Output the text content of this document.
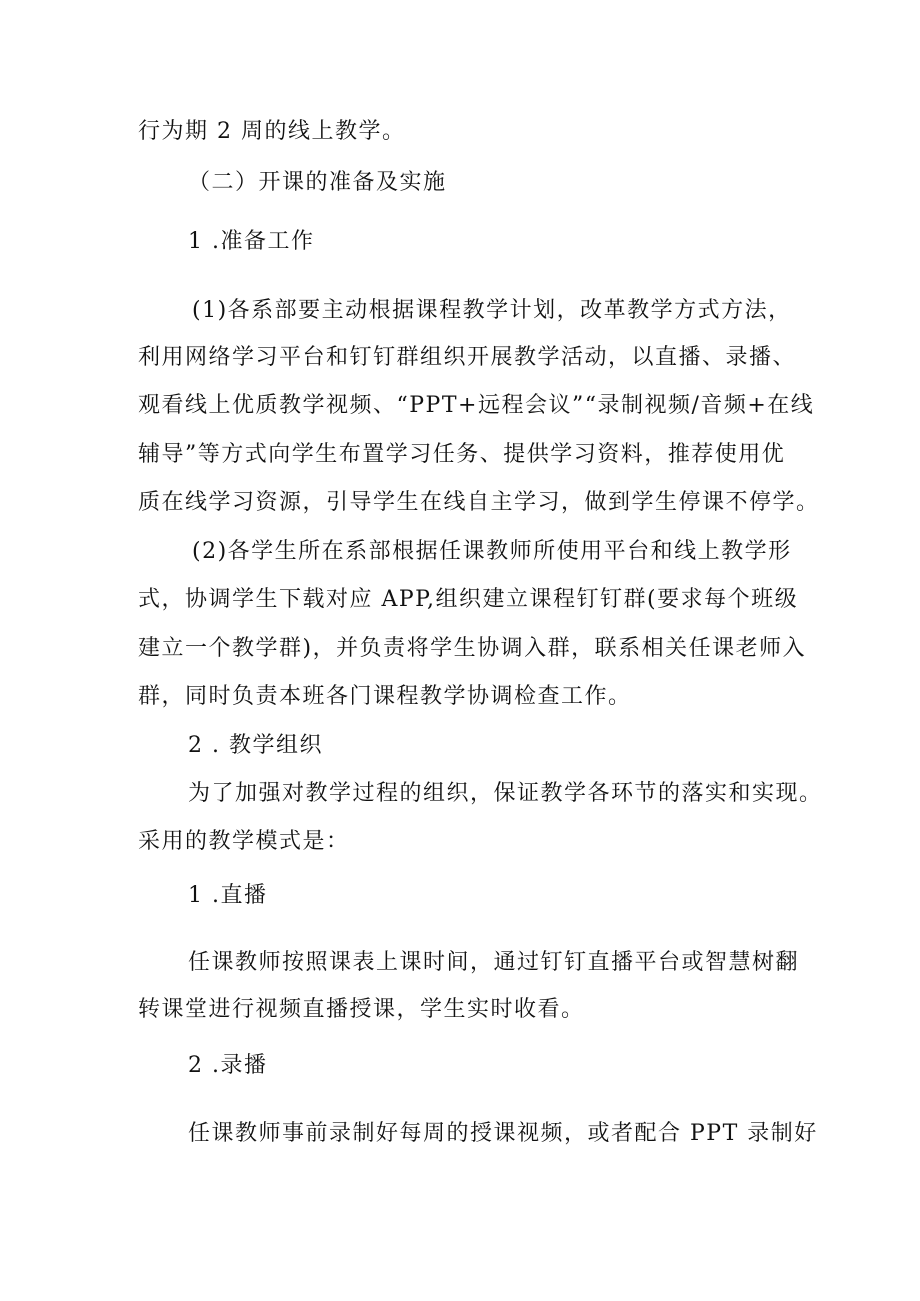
行为期 2 周的线上教学。
（二）开课的准备及实施
1 .准备工作
(1)各系部要主动根据课程教学计划，改革教学方式方法，
利用网络学习平台和钉钉群组织开展教学活动，以直播、录播、
观看线上优质教学视频、“PPT+远程会议”“录制视频/音频+在线
辅导”等方式向学生布置学习任务、提供学习资料，推荐使用优
质在线学习资源，引导学生在线自主学习，做到学生停课不停学。
(2)各学生所在系部根据任课教师所使用平台和线上教学形
式，协调学生下载对应 APP,组织建立课程钉钉群(要求每个班级
建立一个教学群)，并负责将学生协调入群，联系相关任课老师入
群，同时负责本班各门课程教学协调检查工作。
2 . 教学组织
为了加强对教学过程的组织，保证教学各环节的落实和实现。
采用的教学模式是：
1 .直播
任课教师按照课表上课时间，通过钉钉直播平台或智慧树翻
转课堂进行视频直播授课，学生实时收看。
2 .录播
任课教师事前录制好每周的授课视频，或者配合 PPT 录制好
